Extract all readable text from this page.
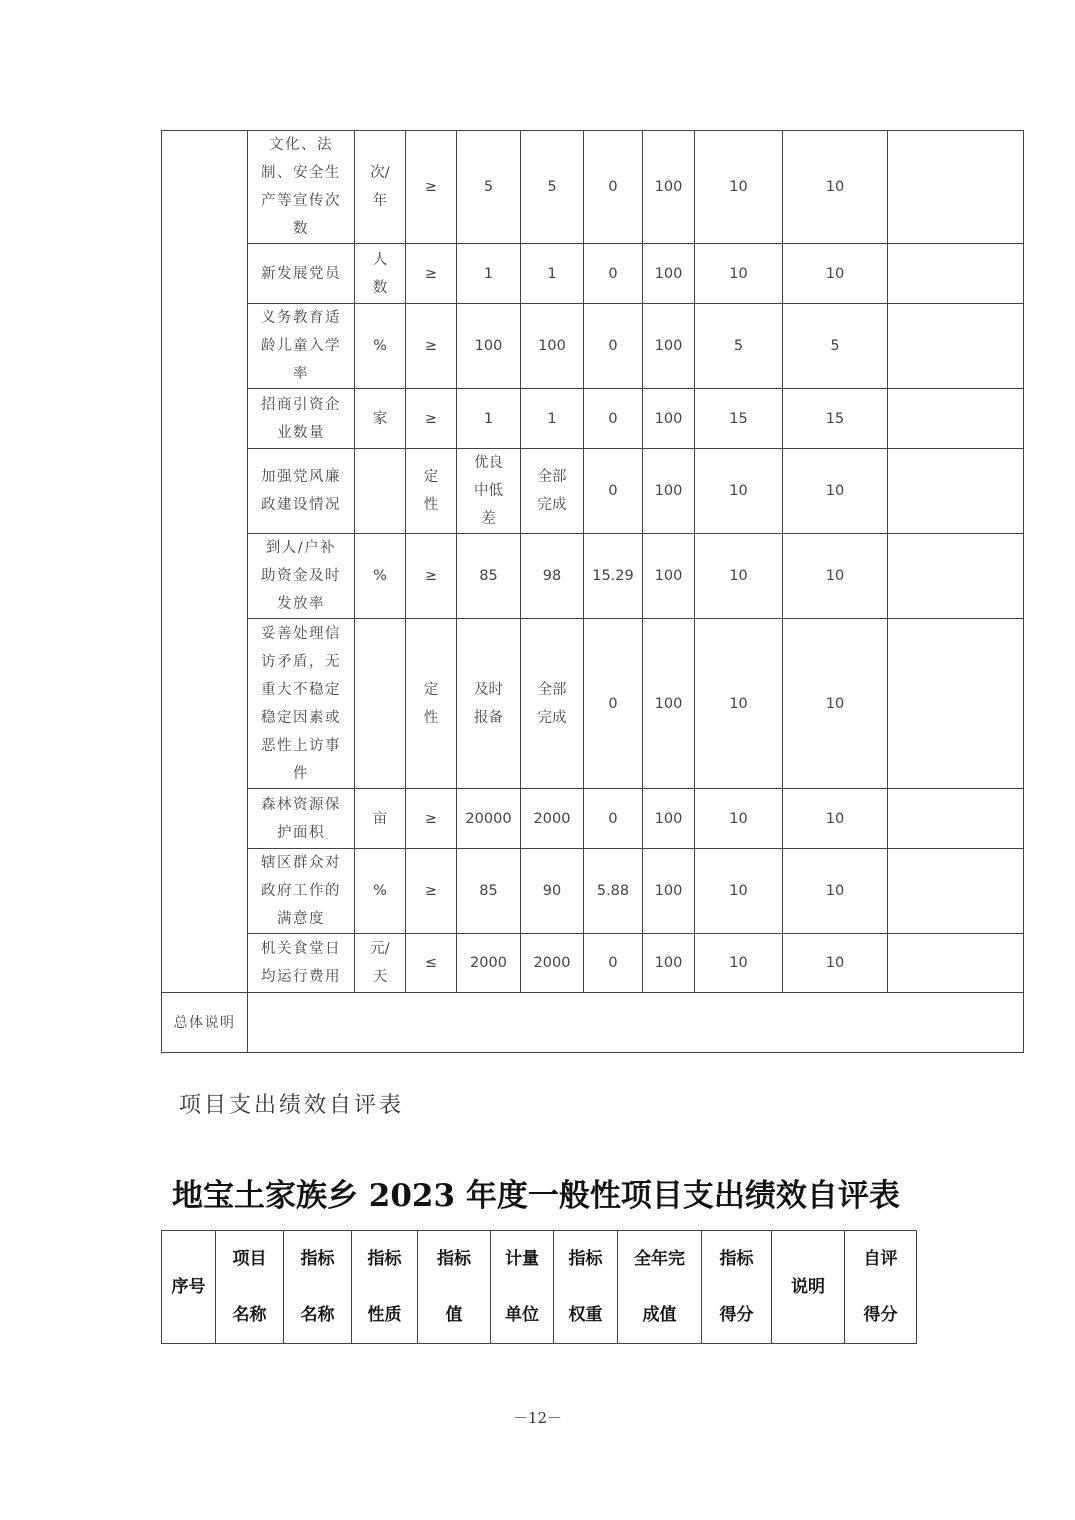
	文化、法制、安全生产等宣传次数	次/年	≥	5	5	0	100	10	10	
	新发展党员	人数	≥	1	1	0	100	10	10	
	义务教育适龄儿童入学率	%	≥	100	100	0	100	5	5	
	招商引资企业数量	家	≥	1	1	0	100	15	15	
	加强党风廉政建设情况		定性	优良中低差	全部完成	0	100	10	10	
	到人/户补助资金及时发放率	%	≥	85	98	15.29	100	10	10	
	妥善处理信访矛盾，无重大不稳定稳定因素或恶性上访事件		定性	及时报备	全部完成	0	100	10	10	
	森林资源保护面积	亩	≥	20000	2000	0	100	10	10	
	辖区群众对政府工作的满意度	%	≥	85	90	5.88	100	10	10	
	机关食堂日均运行费用	元/天	≤	2000	2000	0	100	10	10	
总体说明										
项目支出绩效自评表
地宝土家族乡 2023 年度一般性项目支出绩效自评表
序号	项目名称	指标名称	指标性质	指标值	计量单位	指标权重	全年完成值	指标得分	说明	自评得分
－12－
